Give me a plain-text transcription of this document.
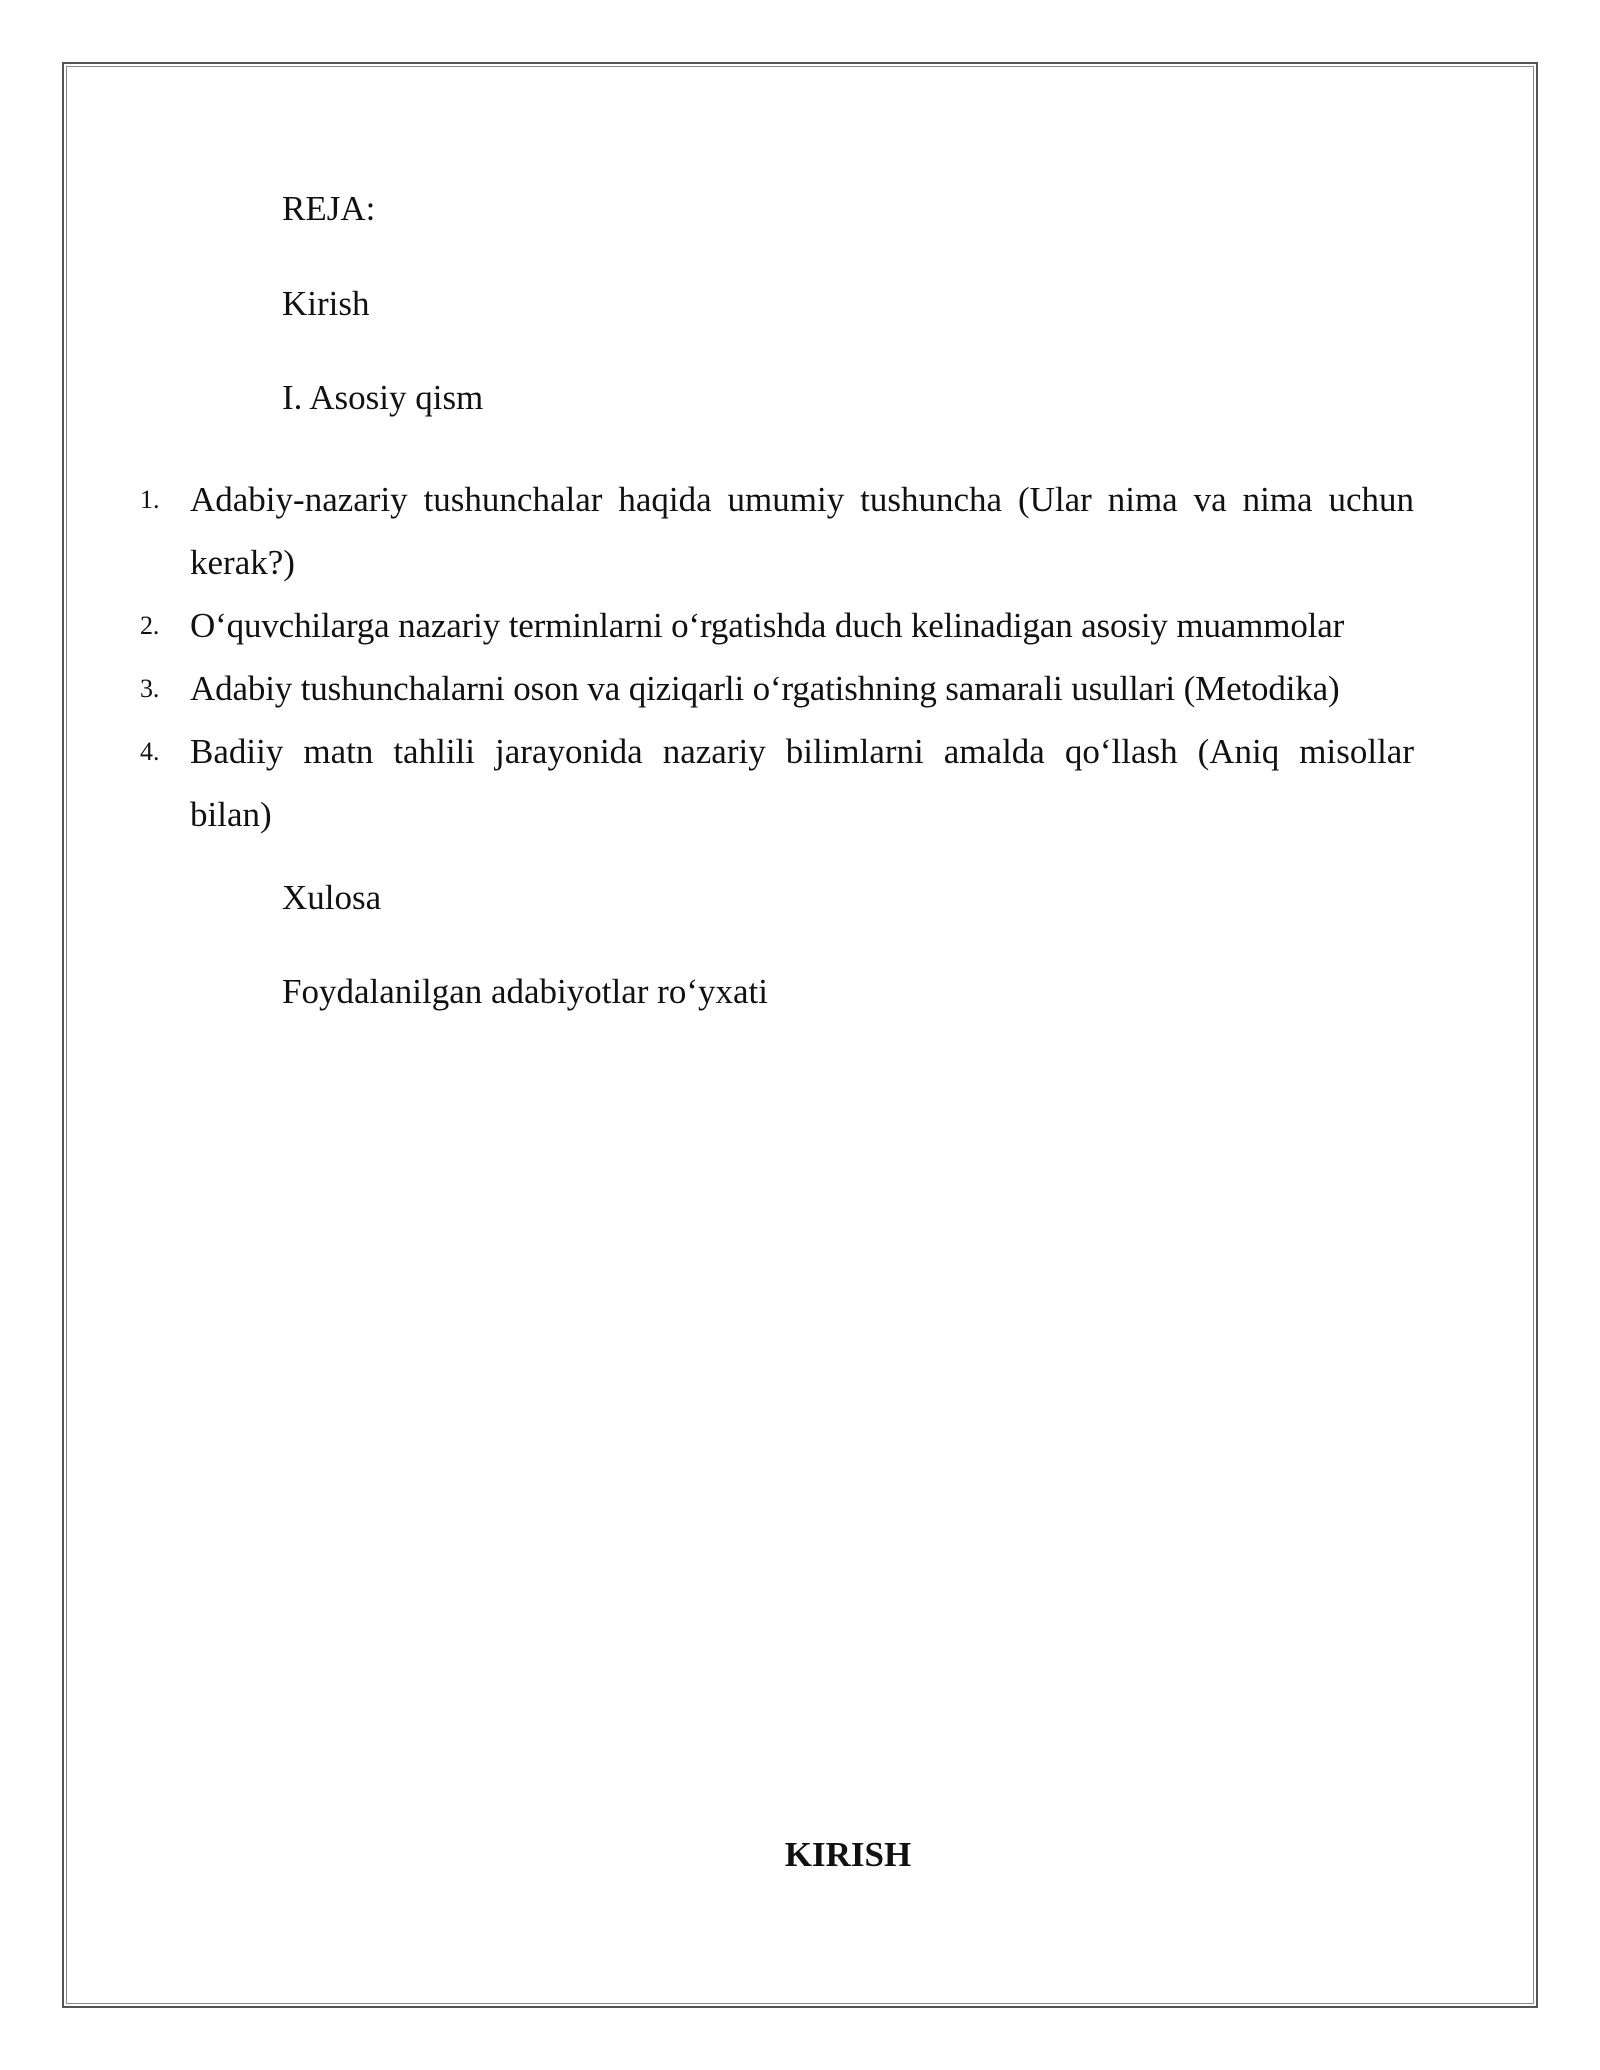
REJA:
Kirish
I. Asosiy qism
1. Adabiy-nazariy tushunchalar haqida umumiy tushuncha (Ular nima va nima uchun kerak?)
2. O‘quvchilarga nazariy terminlarni o‘rgatishda duch kelinadigan asosiy muammolar
3. Adabiy tushunchalarni oson va qiziqarli o‘rgatishning samarali usullari (Metodika)
4. Badiiy matn tahlili jarayonida nazariy bilimlarni amalda qo‘llash (Aniq misollar bilan)
Xulosa
Foydalanilgan adabiyotlar ro‘yxati
KIRISH
